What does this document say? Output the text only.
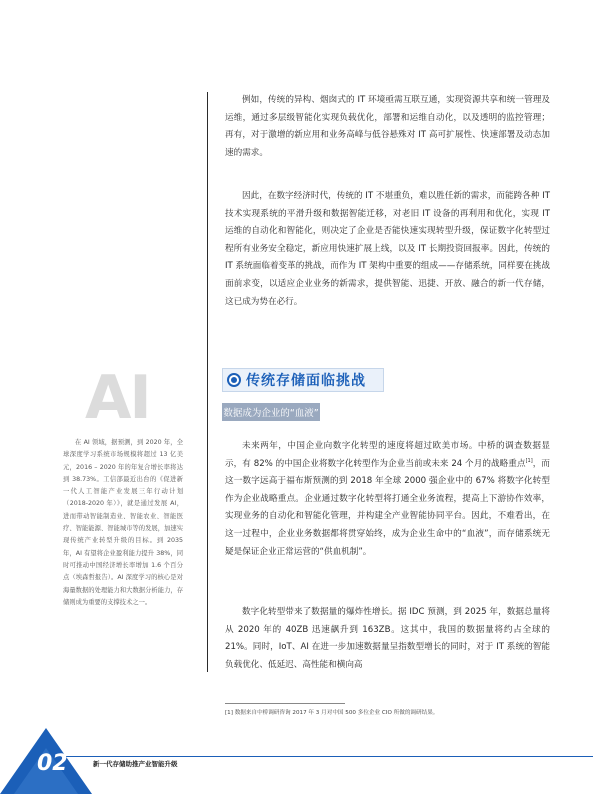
例如，传统的异构、烟囱式的 IT 环境亟需互联互通，实现资源共享和统一管理及运维，通过多层级智能化实现负载优化，部署和运维自动化，以及透明的监控管理；再有，对于激增的新应用和业务高峰与低谷悬殊对 IT 高可扩展性、快速部署及动态加速的需求。

因此，在数字经济时代，传统的 IT 不堪重负，难以胜任新的需求，而能跨各种 IT 技术实现系统的平滑升级和数据智能迁移，对老旧 IT 设备的再利用和优化，实现 IT 运维的自动化和智能化，则决定了企业是否能快速实现转型升级，保证数字化转型过程所有业务安全稳定，新应用快速扩展上线，以及 IT 长期投资回报率。因此，传统的 IT 系统面临着变革的挑战，而作为 IT 架构中重要的组成——存储系统，同样要在挑战面前求变，以适应企业业务的新需求，提供智能、迅捷、开放、融合的新一代存储，这已成为势在必行。

传统存储面临挑战
数据成为企业的“血液”

未来两年，中国企业向数字化转型的速度将超过欧美市场。中桥的调查数据显示，有 82% 的中国企业将数字化转型作为企业当前或未来 24 个月的战略重点[1]，而这一数字远高于福布斯预测的到 2018 年全球 2000 强企业中的 67% 将数字化转型作为企业战略重点。企业通过数字化转型将打通全业务流程，提高上下游协作效率，实现业务的自动化和智能化管理，并构建全产业智能协同平台。因此，不难看出，在这一过程中，企业业务数据都将贯穿始终，成为企业生命中的“血液”，而存储系统无疑是保证企业正常运营的“供血机制”。

数字化转型带来了数据量的爆炸性增长。据 IDC 预测，到 2025 年，数据总量将从 2020 年的 40ZB 迅速飙升到 163ZB。这其中，我国的数据量将约占全球的 21%。同时，IoT、AI 在进一步加速数据量呈指数型增长的同时，对于 IT 系统的智能负载优化、低延迟、高性能和横向高

AI

在 AI 领域，据预测，到 2020 年，全球深度学习系统市场规模将超过 13 亿美元，2016 – 2020 年的年复合增长率将达到 38.73%。工信部最近出台的《促进新一代人工智能产业发展三年行动计划（2018-2020 年）》，就是通过发展 AI，进而带动智能制造业、智能农业、智能医疗、智能能源、智能城市等的发展，加速实现传统产业转型升级的目标。到 2035 年，AI 有望将企业盈利能力提升 38%，同时可推动中国经济增长率增加 1.6 个百分点（埃森哲报告）。AI 深度学习的核心是对海量数据的处理能力和大数据分析能力，存储则成为重要的支撑技术之一。

[1] 数据来自中桥调研咨询 2017 年 3 月对中国 500 多位企业 CIO 所做的调研结果。
02	新一代存储助推产业智能升级
